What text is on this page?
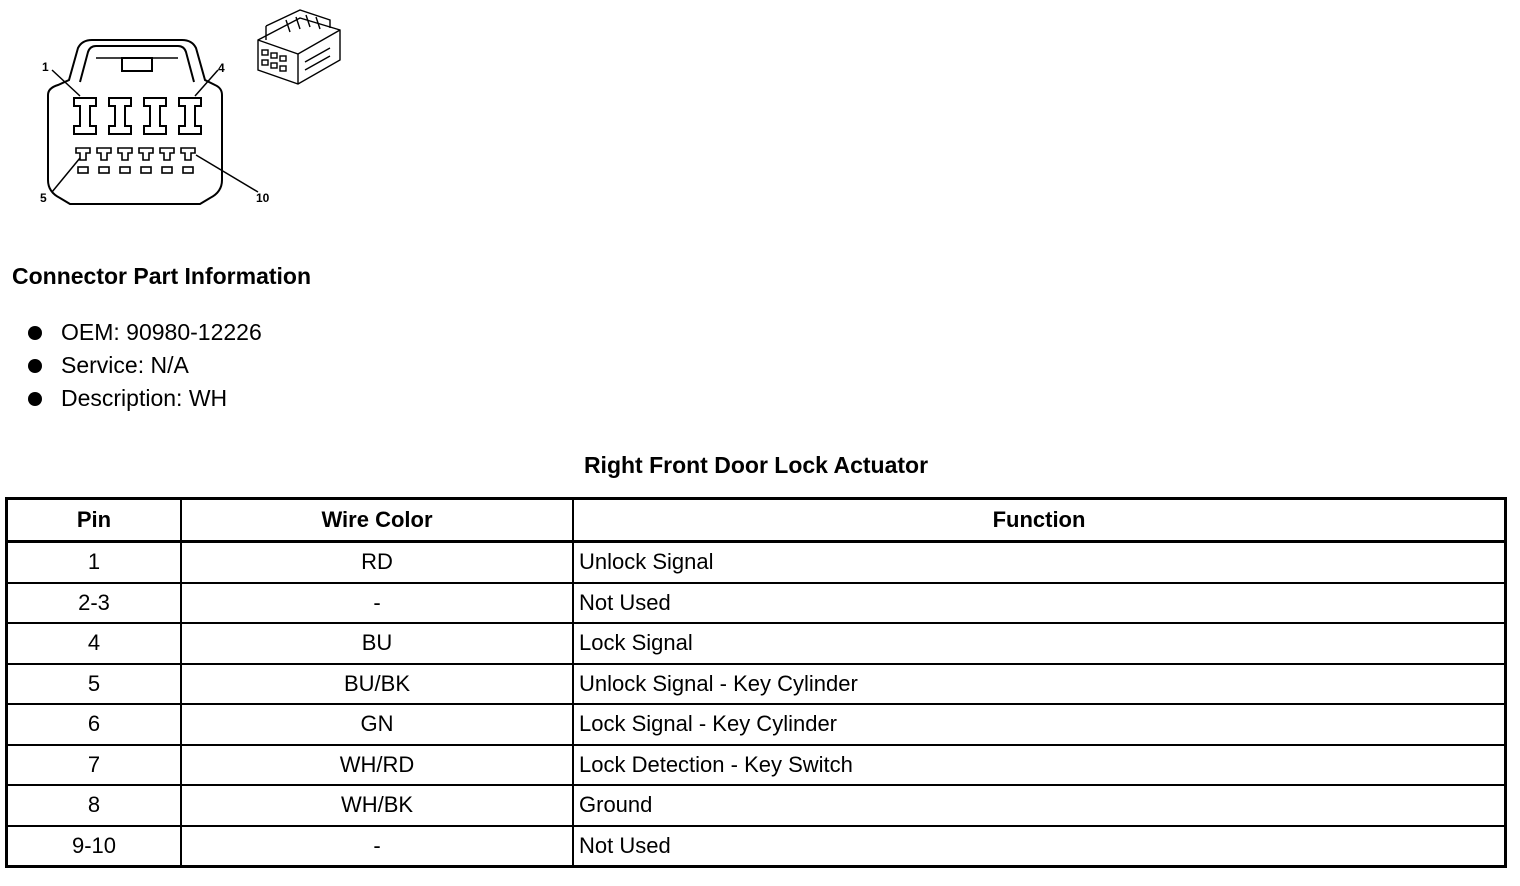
1	4
5	10
Connector Part Information
OEM: 90980-12226
Service: N/A
Description: WH
Right Front Door Lock Actuator
Pin	Wire Color	Function
1	RD	Unlock Signal
2-3	-	Not Used
4	BU	Lock Signal
5	BU/BK	Unlock Signal - Key Cylinder
6	GN	Lock Signal - Key Cylinder
7	WH/RD	Lock Detection - Key Switch
8	WH/BK	Ground
9-10	-	Not Used
